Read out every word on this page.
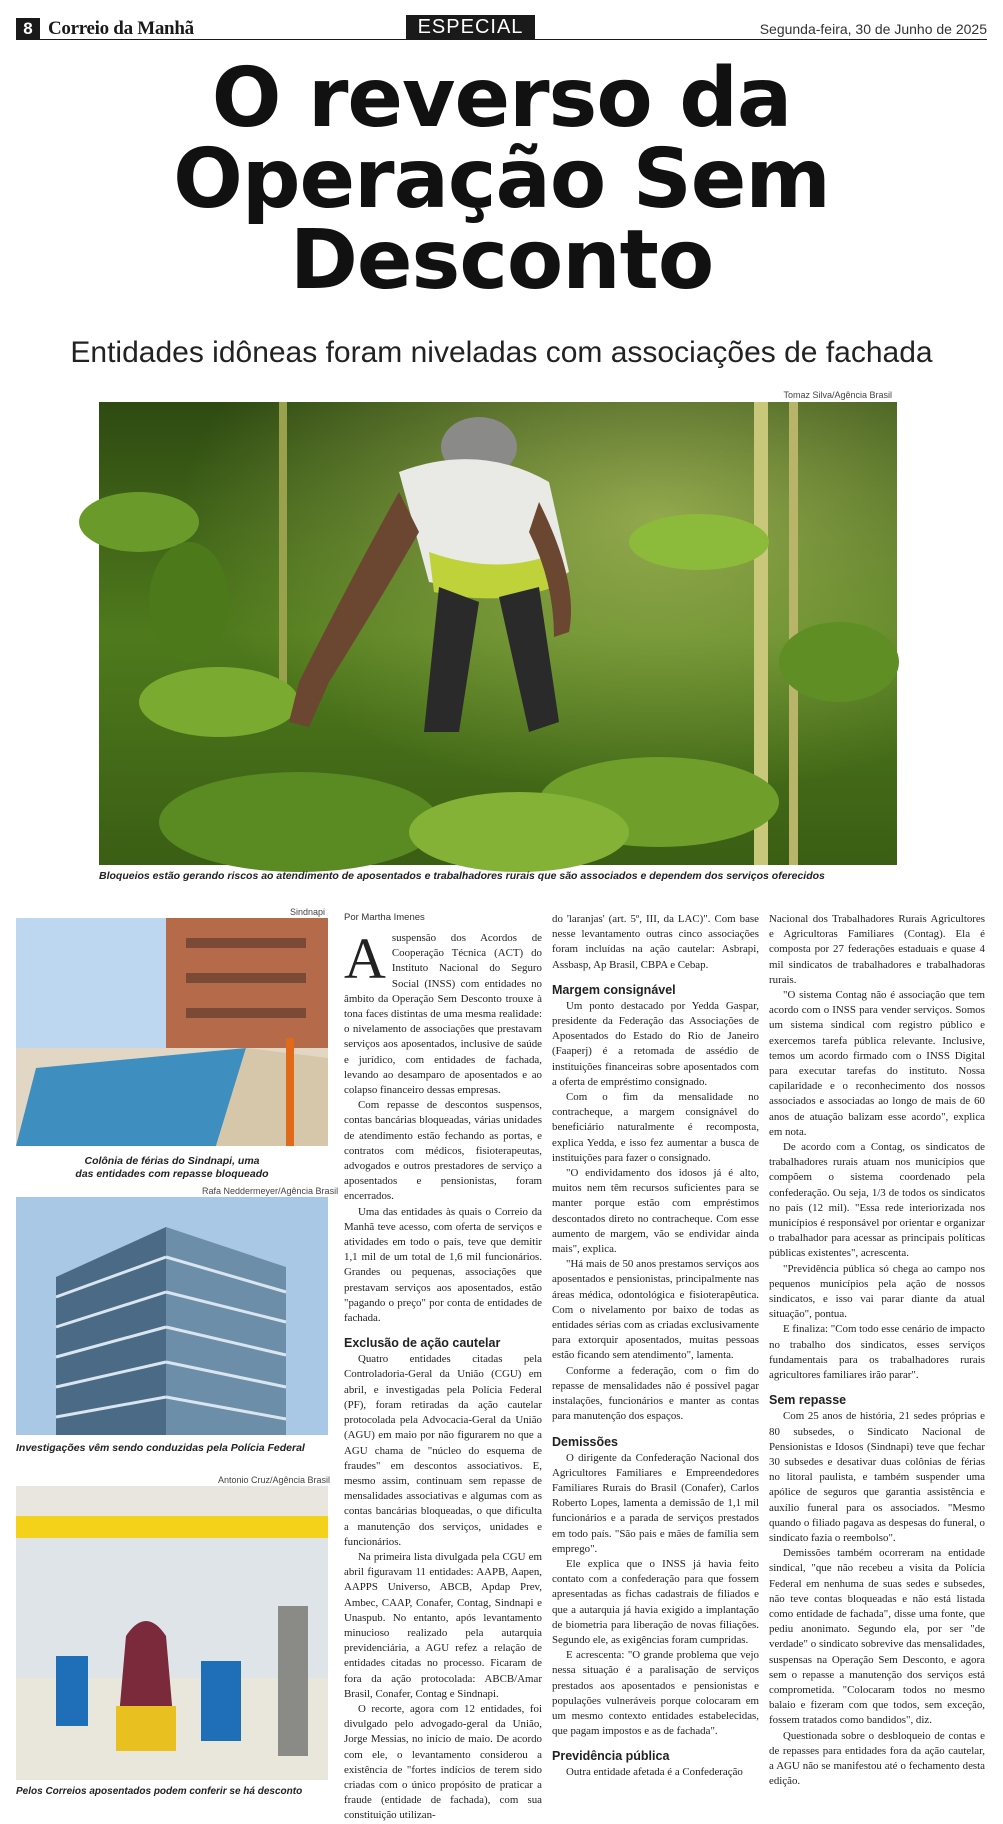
8 Correio da Manhã	ESPECIAL	Segunda-feira, 30 de Junho de 2025
O reverso da
Operação Sem
Desconto
Entidades idôneas foram niveladas com associações de fachada
Tomaz Silva/Agência Brasil
Bloqueios estão gerando riscos ao atendimento de aposentados e trabalhadores rurais que são associados e dependem dos serviços oferecidos
Sindnapi
Colônia de férias do Sindnapi, uma
das entidades com repasse bloqueado
Rafa Neddermeyer/Agência Brasil
Investigações vêm sendo conduzidas pela Polícia Federal
Antonio Cruz/Agência Brasil
Pelos Correios aposentados podem conferir se há desconto
Por Martha Imenes

Asuspensão dos Acordos de Cooperação Técnica (ACT) do Instituto Nacional do Seguro Social (INSS) com entidades no âmbito da Operação Sem Desconto trouxe à tona faces distintas de uma mesma realidade: o nivelamento de associações que prestavam serviços aos aposentados, inclusive de saúde e jurídico, com entidades de fachada, levando ao desamparo de aposentados e ao colapso financeiro dessas empresas.

Com repasse de descontos suspensos, contas bancárias bloqueadas, várias unidades de atendimento estão fechando as portas, e contratos com médicos, fisioterapeutas, advogados e outros prestadores de serviço a aposentados e pensionistas, foram encerrados.

Uma das entidades às quais o Correio da Manhã teve acesso, com oferta de serviços e atividades em todo o país, teve que demitir 1,1 mil de um total de 1,6 mil funcionários. Grandes ou pequenas, associações que prestavam serviços aos aposentados, estão "pagando o preço" por conta de entidades de fachada.

Exclusão de ação cautelar

Quatro entidades citadas pela Controladoria-Geral da União (CGU) em abril, e investigadas pela Polícia Federal (PF), foram retiradas da ação cautelar protocolada pela Advocacia-Geral da União (AGU) em maio por não figurarem no que a AGU chama de "núcleo do esquema de fraudes" em descontos associativos. E, mesmo assim, continuam sem repasse de mensalidades associativas e algumas com as contas bancárias bloqueadas, o que dificulta a manutenção dos serviços, unidades e funcionários.

Na primeira lista divulgada pela CGU em abril figuravam 11 entidades: AAPB, Aapen, AAPPS Universo, ABCB, Apdap Prev, Ambec, CAAP, Conafer, Contag, Sindnapi e Unaspub. No entanto, após levantamento minucioso realizado pela autarquia previdenciária, a AGU refez a relação de entidades citadas no processo. Ficaram de fora da ação protocolada: ABCB/Amar Brasil, Conafer, Contag e Sindnapi.

O recorte, agora com 12 entidades, foi divulgado pelo advogado-geral da União, Jorge Messias, no início de maio. De acordo com ele, o levantamento considerou a existência de "fortes indícios de terem sido criadas com o único propósito de praticar a fraude (entidade de fachada), com sua constituição utilizan-

do 'laranjas' (art. 5º, III, da LAC)". Com base nesse levantamento outras cinco associações foram incluídas na ação cautelar: Asbrapi, Assbasp, Ap Brasil, CBPA e Cebap.

Margem consignável

Um ponto destacado por Yedda Gaspar, presidente da Federação das Associações de Aposentados do Estado do Rio de Janeiro (Faaperj) é a retomada de assédio de instituições financeiras sobre aposentados com a oferta de empréstimo consignado.

Com o fim da mensalidade no contracheque, a margem consignável do beneficiário naturalmente é recomposta, explica Yedda, e isso fez aumentar a busca de instituições para fazer o consignado.

"O endividamento dos idosos já é alto, muitos nem têm recursos suficientes para se manter porque estão com empréstimos descontados direto no contracheque. Com esse aumento de margem, vão se endividar ainda mais", explica.

"Há mais de 50 anos prestamos serviços aos aposentados e pensionistas, principalmente nas áreas médica, odontológica e fisioterapêutica. Com o nivelamento por baixo de todas as entidades sérias com as criadas exclusivamente para extorquir aposentados, muitas pessoas estão ficando sem atendimento", lamenta.

Conforme a federação, com o fim do repasse de mensalidades não é possível pagar instalações, funcionários e manter as contas para manutenção dos espaços.

Demissões

O dirigente da Confederação Nacional dos Agricultores Familiares e Empreendedores Familiares Rurais do Brasil (Conafer), Carlos Roberto Lopes, lamenta a demissão de 1,1 mil funcionários e a parada de serviços prestados em todo país. "São pais e mães de família sem emprego".

Ele explica que o INSS já havia feito contato com a confederação para que fossem apresentadas as fichas cadastrais de filiados e que a autarquia já havia exigido a implantação de biometria para liberação de novas filiações. Segundo ele, as exigências foram cumpridas.

E acrescenta: "O grande problema que vejo nessa situação é a paralisação de serviços prestados aos aposentados e pensionistas e populações vulneráveis porque colocaram em um mesmo contexto entidades estabelecidas, que pagam impostos e as de fachada".

Previdência pública

Outra entidade afetada é a Confederação

Nacional dos Trabalhadores Rurais Agricultores e Agricultoras Familiares (Contag). Ela é composta por 27 federações estaduais e quase 4 mil sindicatos de trabalhadores e trabalhadoras rurais.

"O sistema Contag não é associação que tem acordo com o INSS para vender serviços. Somos um sistema sindical com registro público e exercemos tarefa pública relevante. Inclusive, temos um acordo firmado com o INSS Digital para executar tarefas do instituto. Nossa capilaridade e o reconhecimento dos nossos associados e associadas ao longo de mais de 60 anos de atuação balizam esse acordo", explica em nota.

De acordo com a Contag, os sindicatos de trabalhadores rurais atuam nos municípios que compõem o sistema coordenado pela confederação. Ou seja, 1/3 de todos os sindicatos no país (12 mil). "Essa rede interiorizada nos municípios é responsável por orientar e organizar o trabalhador para acessar as principais políticas públicas existentes", acrescenta.

"Previdência pública só chega ao campo nos pequenos municípios pela ação de nossos sindicatos, e isso vai parar diante da atual situação", pontua.

E finaliza: "Com todo esse cenário de impacto no trabalho dos sindicatos, esses serviços fundamentais para os trabalhadores rurais agricultores familiares irão parar".

Sem repasse

Com 25 anos de história, 21 sedes próprias e 80 subsedes, o Sindicato Nacional de Pensionistas e Idosos (Sindnapi) teve que fechar 30 subsedes e desativar duas colônias de férias no litoral paulista, e também suspender uma apólice de seguros que garantia assistência e auxílio funeral para os associados. "Mesmo quando o filiado pagava as despesas do funeral, o sindicato fazia o reembolso".

Demissões também ocorreram na entidade sindical, "que não recebeu a visita da Polícia Federal em nenhuma de suas sedes e subsedes, não teve contas bloqueadas e não está listada como entidade de fachada", disse uma fonte, que pediu anonimato. Segundo ela, por ser "de verdade" o sindicato sobrevive das mensalidades, suspensas na Operação Sem Desconto, e agora sem o repasse a manutenção dos serviços está comprometida. "Colocaram todos no mesmo balaio e fizeram com que todos, sem exceção, fossem tratados como bandidos", diz.

Questionada sobre o desbloqueio de contas e de repasses para entidades fora da ação cautelar, a AGU não se manifestou até o fechamento desta edição.
